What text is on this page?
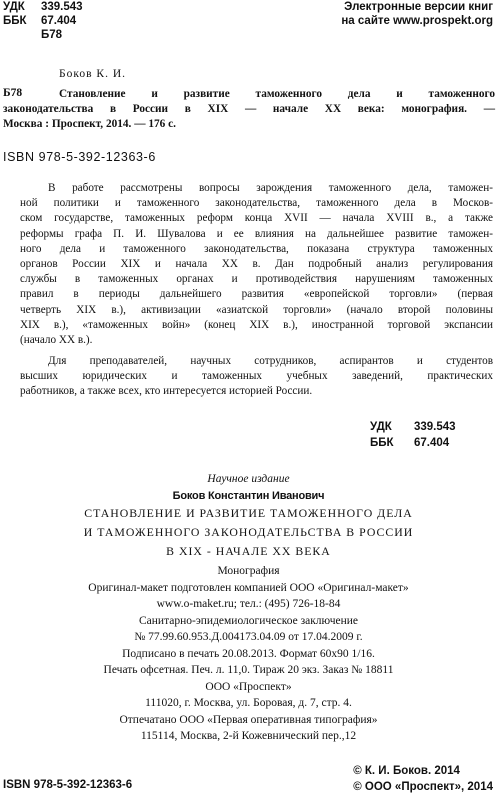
УДК 339.543
ББК 67.404
Б78
Электронные версии книг
на сайте www.prospekt.org
Боков К. И.
Б78	Становление и развитие таможенного дела и таможенного
законодательства в России в XIX — начале XX века: монография. —
Москва : Проспект, 2014. — 176 с.
ISBN 978-5-392-12363-6
В работе рассмотрены вопросы зарождения таможенного дела, таможен-
ной политики и таможенного законодательства, таможенного дела в Москов-
ском государстве, таможенных реформ конца XVII — начала XVIII в., а также
реформы графа П. И. Шувалова и ее влияния на дальнейшее развитие таможен-
ного дела и таможенного законодательства, показана структура таможенных
органов России XIX и начала XX в. Дан подробный анализ регулирования
службы в таможенных органах и противодействия нарушениям таможенных
правил в периоды дальнейшего развития «европейской торговли» (первая
четверть XIX в.), активизации «азиатской торговли» (начало второй половины
XIX в.), «таможенных войн» (конец XIX в.), иностранной торговой экспансии
(начало XX в.).
Для преподавателей, научных сотрудников, аспирантов и студентов
высших юридических и таможенных учебных заведений, практических
работников, а также всех, кто интересуется историей России.
УДК 339.543
ББК 67.404
Научное издание
Боков Константин Иванович
СТАНОВЛЕНИЕ И РАЗВИТИЕ ТАМОЖЕННОГО ДЕЛА
И ТАМОЖЕННОГО ЗАКОНОДАТЕЛЬСТВА В РОССИИ
В XIX - НАЧАЛЕ XX ВЕКА
Монография
Оригинал-макет подготовлен компанией ООО «Оригинал-макет»
www.o-maket.ru; тел.: (495) 726-18-84
Санитарно-эпидемиологическое заключение
№ 77.99.60.953.Д.004173.04.09 от 17.04.2009 г.
Подписано в печать 20.08.2013. Формат 60х90 1/16.
Печать офсетная. Печ. л. 11,0. Тираж 20 экз. Заказ № 18811
ООО «Проспект»
111020, г. Москва, ул. Боровая, д. 7, стр. 4.
Отпечатано ООО «Первая оперативная типография»
115114, Москва, 2-й Кожевнический пер.,12
ISBN 978-5-392-12363-6
© К. И. Боков. 2014
© ООО «Проспект», 2014
